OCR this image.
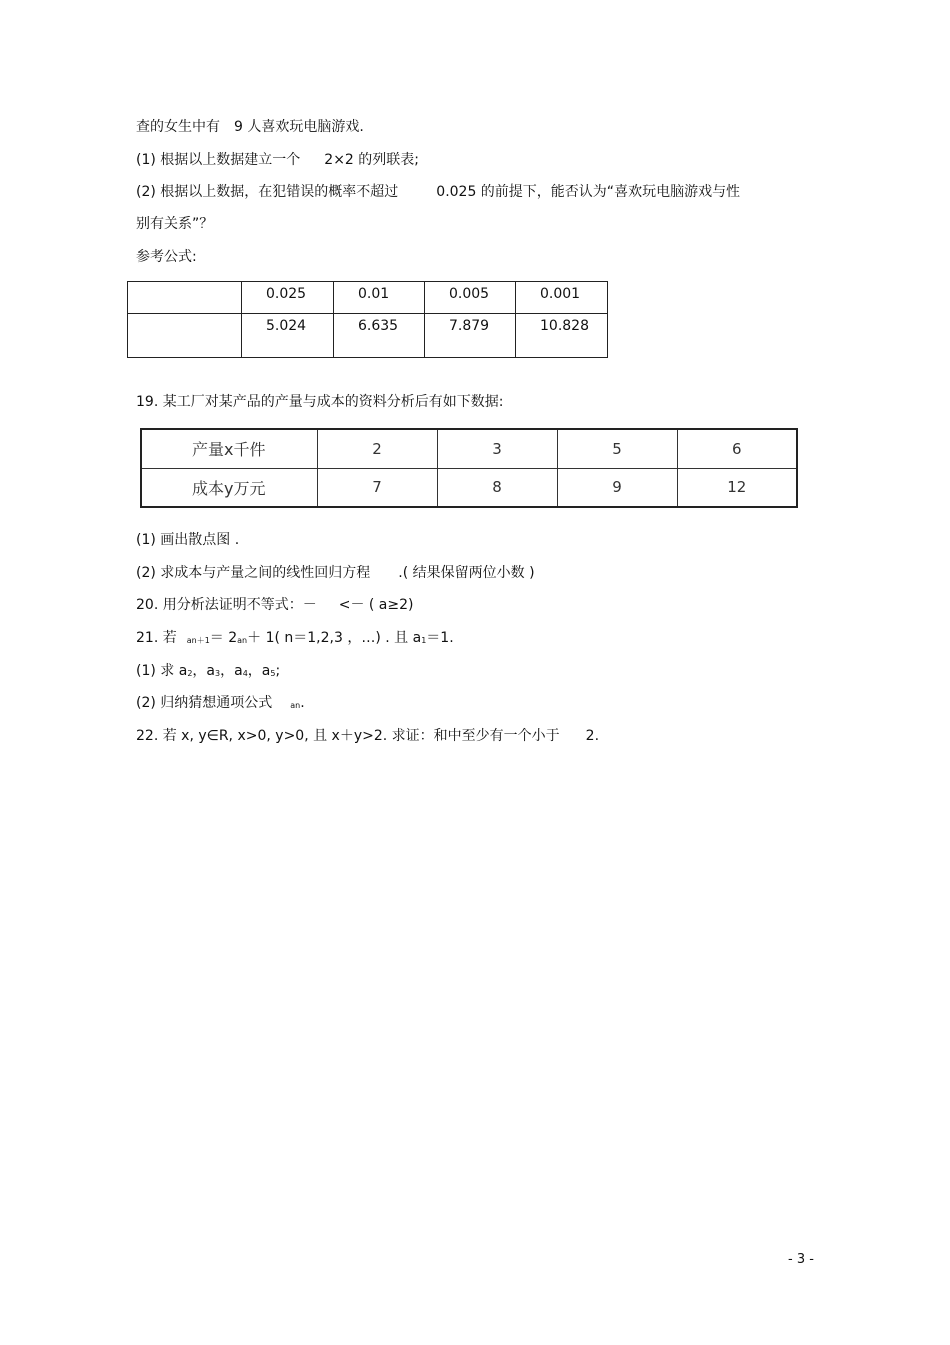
查的女生中有　9 人喜欢玩电脑游戏.
(1) 根据以上数据建立一个 2×2 的列联表;
(2) 根据以上数据，在犯错误的概率不超过	0.025 的前提下，能否认为“喜欢玩电脑游戏与性
别有关系”？
参考公式:
	0.025	0.01	0.005	0.001
	5.024	6.635	7.879	10.828
19. 某工厂对某产品的产量与成本的资料分析后有如下数据:
产量x千件	2	3	5	6
成本y万元	7	8	9	12
(1) 画出散点图 .
(2) 求成本与产量之间的线性回归方程 .( 结果保留两位小数 )
20. 用分析法证明不等式：－ <－ ( a≥2)
21. 若 an＋1＝ 2an＋ 1( n＝1,2,3 ，…) . 且 a1＝1.
(1) 求 a2，a3，a4，a5;
(2) 归纳猜想通项公式 an.
22. 若 x, y∈R, x>0, y>0, 且 x＋y>2. 求证：和中至少有一个小于 2.
- 3 -
